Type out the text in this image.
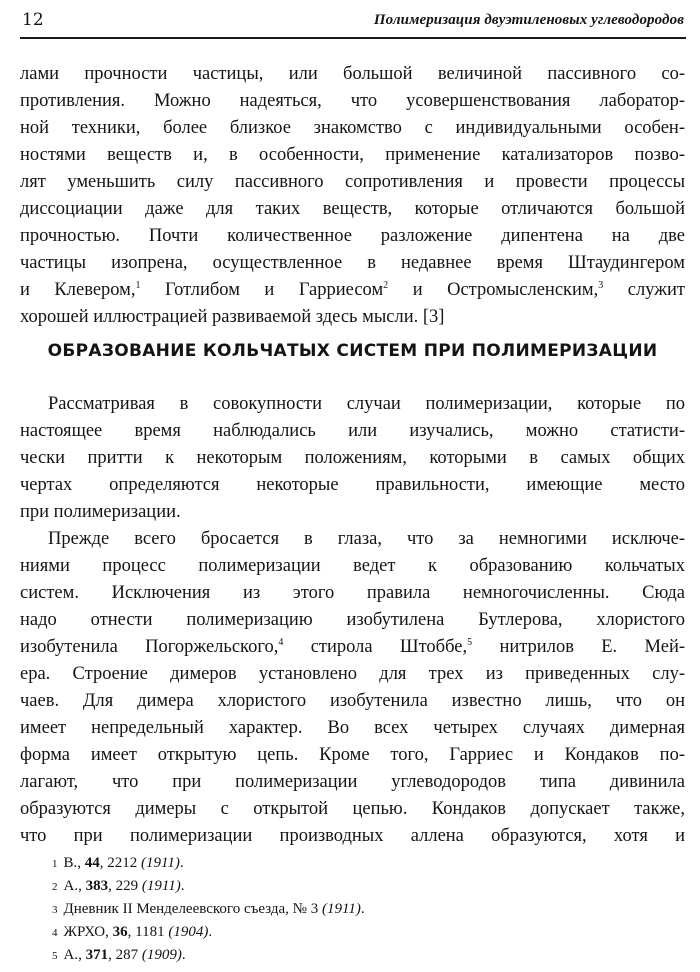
12	Полимеризация двуэтиленовых углеводородов
лами прочности частицы, или большой величиной пассивного со-
противления. Можно надеяться, что усовершенствования лаборатор-
ной техники, более близкое знакомство с индивидуальными особен-
ностями веществ и, в особенности, применение катализаторов позво-
лят уменьшить силу пассивного сопротивления и провести процессы
диссоциации даже для таких веществ, которые отличаются большой
прочностью. Почти количественное разложение дипентена на две
частицы изопрена, осуществленное в недавнее время Штаудингером
и Клевером,$^1$ Готлибом и Гарриесом$^2$ и Остромысленским,$^3$ служит
хорошей иллюстрацией развиваемой здесь мысли. [3]
ОБРАЗОВАНИЕ КОЛЬЧАТЫХ СИСТЕМ ПРИ ПОЛИМЕРИЗАЦИИ
Рассматривая в совокупности случаи полимеризации, которые по
настоящее время наблюдались или изучались, можно статисти-
чески притти к некоторым положениям, которыми в самых общих
чертах определяются некоторые правильности, имеющие место
при полимеризации.
Прежде всего бросается в глаза, что за немногими исключе-
ниями процесс полимеризации ведет к образованию кольчатых
систем. Исключения из этого правила немногочисленны. Сюда
надо отнести полимеризацию изобутилена Бутлерова, хлористого
изобутенила Погоржельского,$^4$ стирола Штоббе,$^5$ нитрилов Е. Мей-
ера. Строение димеров установлено для трех из приведенных слу-
чаев. Для димера хлористого изобутенила известно лишь, что он
имеет непредельный характер. Во всех четырех случаях димерная
форма имеет открытую цепь. Кроме того, Гарриес и Кондаков по-
лагают, что при полимеризации углеводородов типа дивинила
образуются димеры с открытой цепью. Кондаков допускает также,
что при полимеризации производных аллена образуются, хотя и
1 B., 44, 2212 (1911).
2 A., 383, 229 (1911).
3 Дневник II Менделеевского съезда, № 3 (1911).
4 ЖРХО, 36, 1181 (1904).
5 A., 371, 287 (1909).
